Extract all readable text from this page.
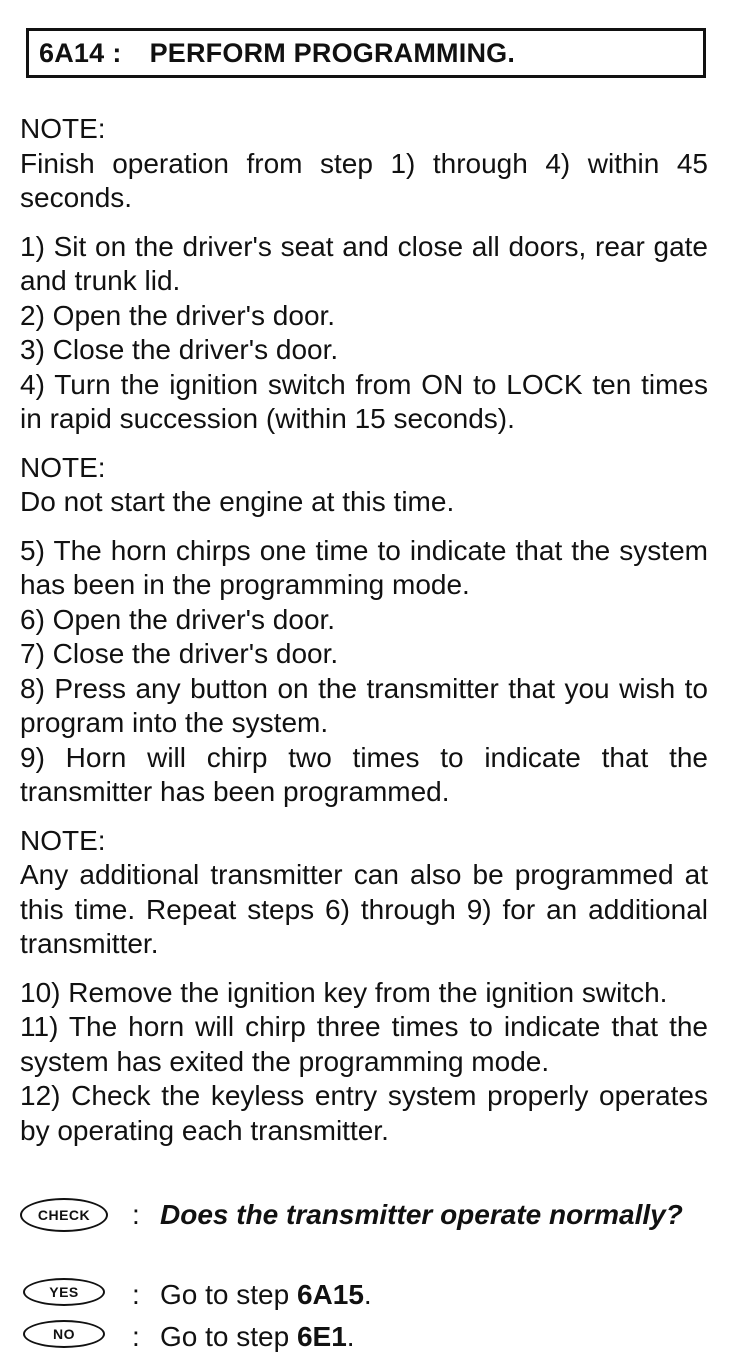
6A14 : PERFORM PROGRAMMING.
NOTE:
Finish operation from step 1) through 4) within 45 seconds.
1) Sit on the driver's seat and close all doors, rear gate and trunk lid.
2) Open the driver's door.
3) Close the driver's door.
4) Turn the ignition switch from ON to LOCK ten times in rapid succession (within 15 seconds).
NOTE:
Do not start the engine at this time.
5) The horn chirps one time to indicate that the system has been in the programming mode.
6) Open the driver's door.
7) Close the driver's door.
8) Press any button on the transmitter that you wish to program into the system.
9) Horn will chirp two times to indicate that the transmitter has been programmed.
NOTE:
Any additional transmitter can also be programmed at this time. Repeat steps 6) through 9) for an additional transmitter.
10) Remove the ignition key from the ignition switch.
11) The horn will chirp three times to indicate that the system has exited the programming mode.
12) Check the keyless entry system properly operates by operating each transmitter.
CHECK	: Does the transmitter operate normally?
YES	: Go to step 6A15.
NO	: Go to step 6E1.
